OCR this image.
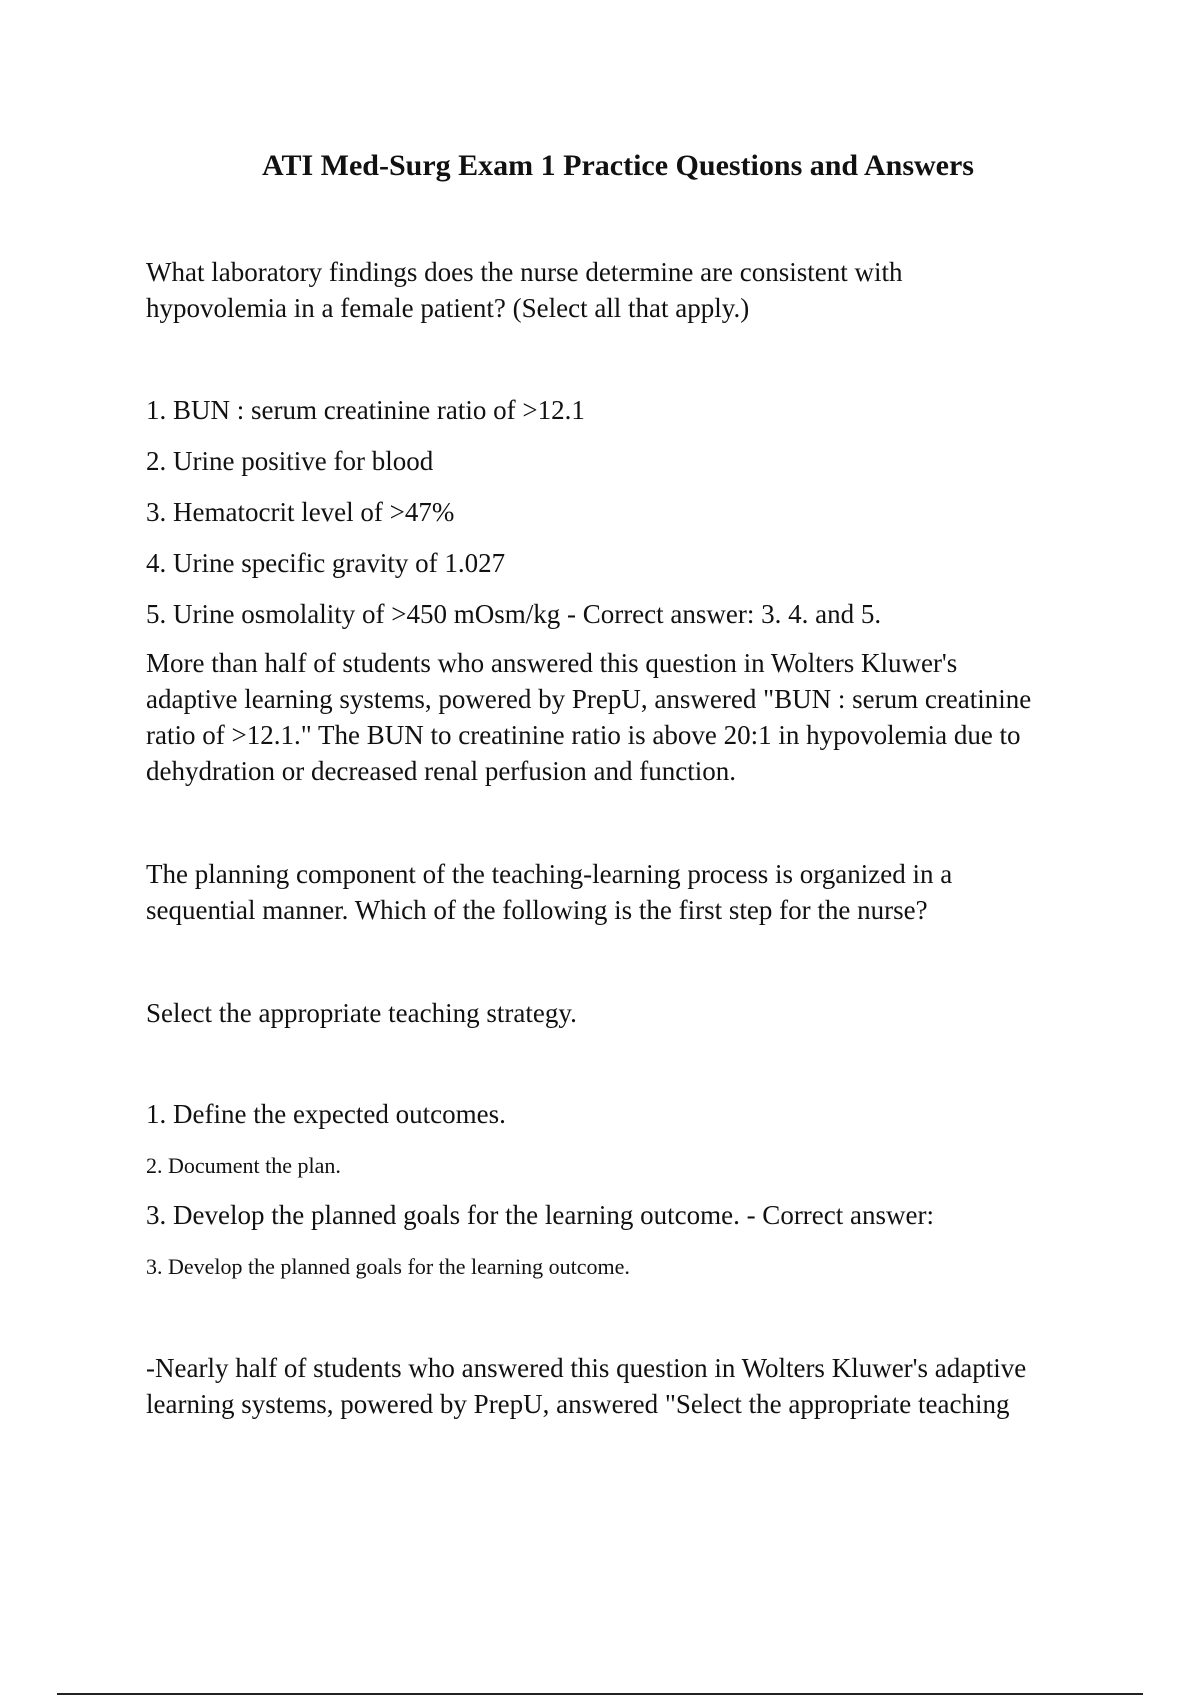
ATI Med-Surg Exam 1 Practice Questions and Answers
What laboratory findings does the nurse determine are consistent with
hypovolemia in a female patient? (Select all that apply.)
1. BUN : serum creatinine ratio of >12.1
2. Urine positive for blood
3. Hematocrit level of >47%
4. Urine specific gravity of 1.027
5. Urine osmolality of >450 mOsm/kg - Correct answer: 3. 4. and 5.
More than half of students who answered this question in Wolters Kluwer's
adaptive learning systems, powered by PrepU, answered "BUN : serum creatinine
ratio of >12.1." The BUN to creatinine ratio is above 20:1 in hypovolemia due to
dehydration or decreased renal perfusion and function.
The planning component of the teaching-learning process is organized in a
sequential manner. Which of the following is the first step for the nurse?
Select the appropriate teaching strategy.
1. Define the expected outcomes.
2. Document the plan.
3. Develop the planned goals for the learning outcome. - Correct answer:
3. Develop the planned goals for the learning outcome.
-Nearly half of students who answered this question in Wolters Kluwer's adaptive
learning systems, powered by PrepU, answered "Select the appropriate teaching
